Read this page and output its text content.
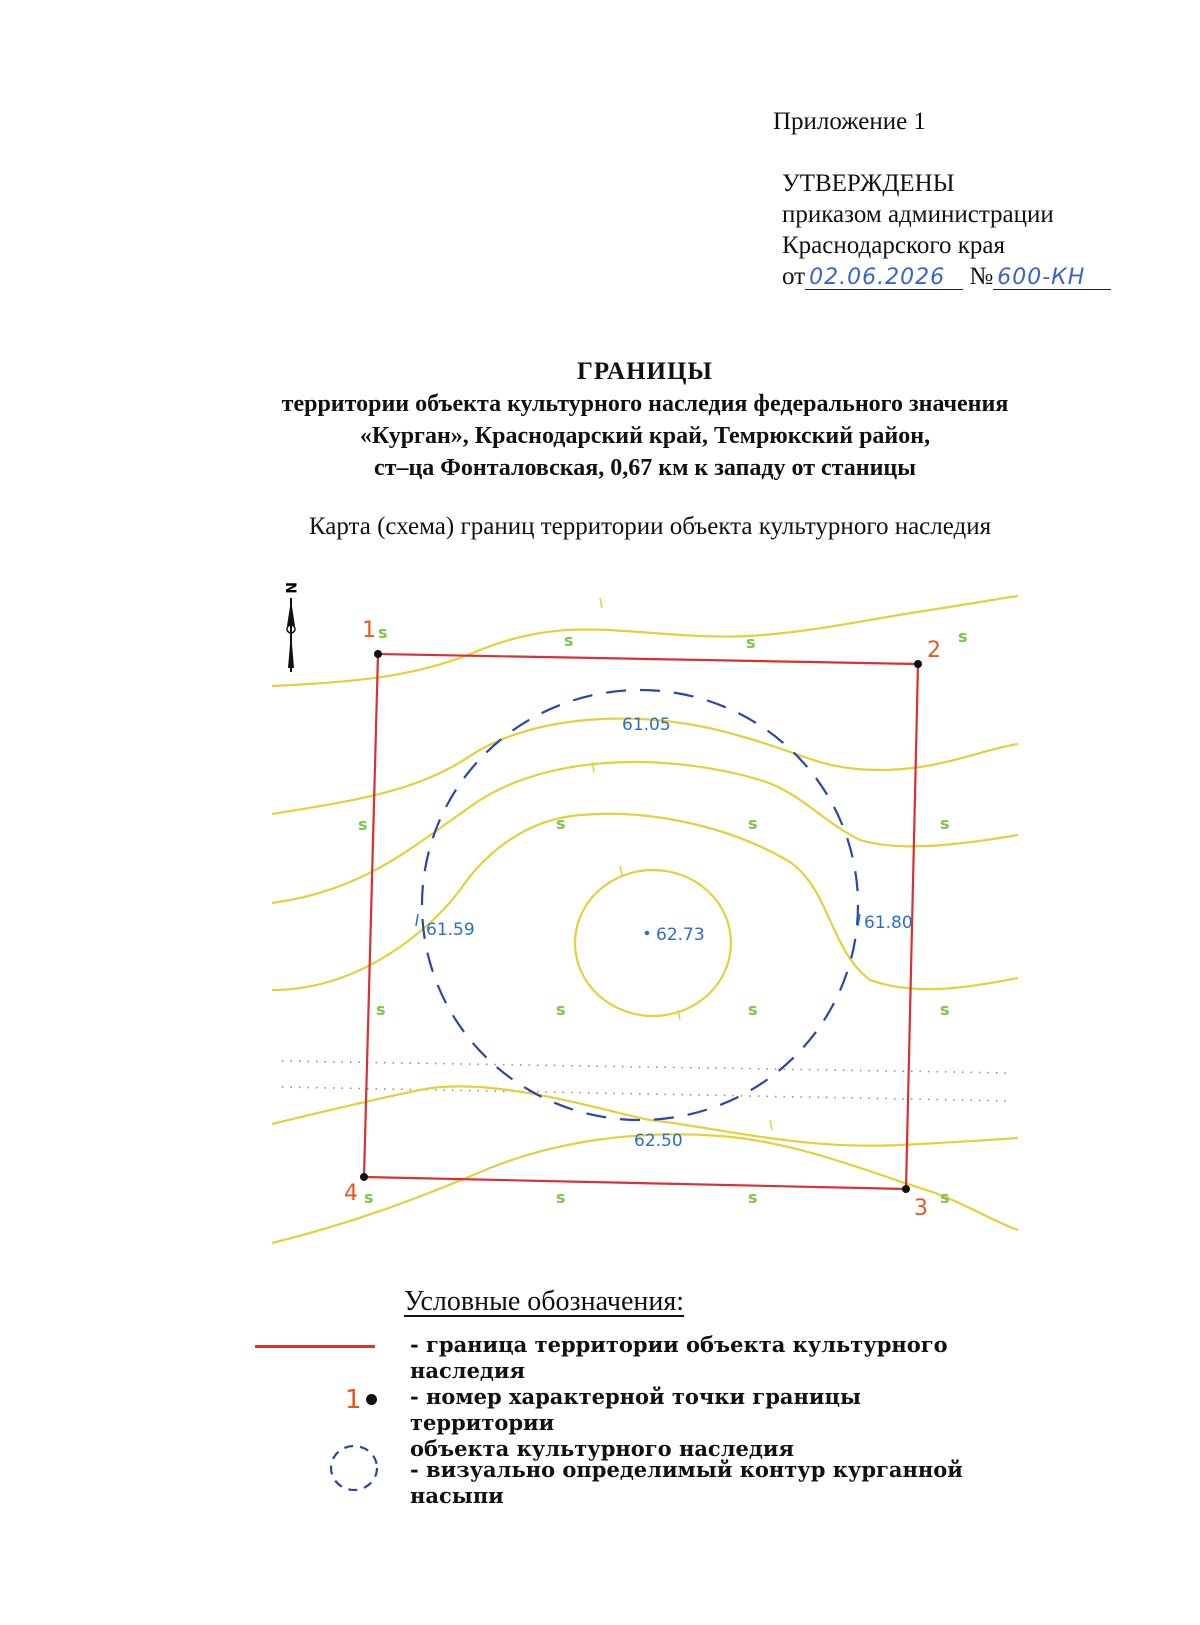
Приложение 1
УТВЕРЖДЕНЫ
приказом администрации
Краснодарского края
от 02.06.2026 № 600-КН
ГРАНИЦЫ
территории объекта культурного наследия федерального значения
«Курган», Краснодарский край, Темрюкский район,
ст–ца Фонталовская, 0,67 км к западу от станицы
Карта (схема) границ территории объекта культурного наследия
N
1
2
3
4
61.05
61.59	62.73
61.80
62.50
s	s	s	s
s	s	s	s
s	s	s	s
s	s	s	s
Условные обозначения:
- граница территории объекта культурного
наследия
1 - номер характерной точки границы территории
объекта культурного наследия
- визуально определимый контур курганной насыпи
